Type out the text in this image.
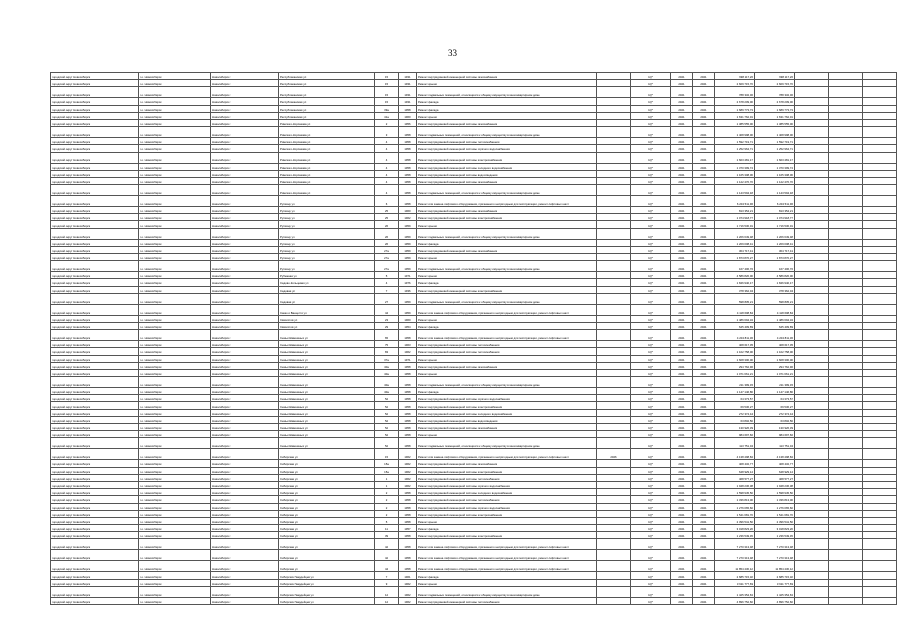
33
городской округ Новосибирск	г.о. Новосибирск	Новосибирск г	Республиканская ул	15	1931	Ремонт внутридомовой инженерной системы газоснабжения		1Q*	2021	2021	698 117,20	698 117,20			
городской округ Новосибирск	г.о. Новосибирск	Новосибирск г	Республиканская ул	15	1931	Ремонт крыши		1Q*	2021	2021	2 609 715,70	2 609 715,70			
городской округ Новосибирск	г.о. Новосибирск	Новосибирск г	Республиканская ул	15	1931	Ремонт подвальных помещений, относящихся к общему имуществу в многоквартирном доме		1Q*	2021	2021	788 332,00	788 332,00			
городской округ Новосибирск	г.о. Новосибирск	Новосибирск г	Республиканская ул	15	1931	Ремонт фасада		1Q*	2021	2021	2 678 209,00	2 678 209,00			
городской округ Новосибирск	г.о. Новосибирск	Новосибирск г	Республиканская ул	39а	1958	Ремонт фасада		1Q*	2021	2021	1 689 773,73	1 689 773,73			
городской округ Новосибирск	г.о. Новосибирск	Новосибирск г	Республиканская ул	41а	1960	Ремонт крыши		1Q*	2021	2021	1 631 762,01	1 631 762,01			
городской округ Новосибирск	г.о. Новосибирск	Новосибирск г	Римского-Корсакова ул	2	1956	Ремонт внутридомовой инженерной системы газоснабжения		1Q*	2021	2021	1 385 555,00	1 385 555,00			
городской округ Новосибирск	г.о. Новосибирск	Новосибирск г	Римского-Корсакова ул	3	1958	Ремонт подвальных помещений, относящихся к общему имуществу в многоквартирном доме		1Q*	2021	2021	1 408 998,00	1 408 998,00			
городской округ Новосибирск	г.о. Новосибирск	Новосибирск г	Римского-Корсакова ул	4	1958	Ремонт внутридомовой инженерной системы теплоснабжения		1Q*	2021	2021	1 592 719,71	1 592 719,71			
городской округ Новосибирск	г.о. Новосибирск	Новосибирск г	Римского-Корсакова ул	4	1958	Ремонт внутридомовой инженерной системы горячего водоснабжения		1Q*	2021	2021	1 252 964,71	1 252 964,71			
городской округ Новосибирск	г.о. Новосибирск	Новосибирск г	Римского-Корсакова ул	4	1958	Ремонт внутридомовой инженерной системы электроснабжения		1Q*	2021	2021	1 603 481,17	1 603 481,17			
городской округ Новосибирск	г.о. Новосибирск	Новосибирск г	Римского-Корсакова ул	4	1958	Ремонт внутридомовой инженерной системы холодного водоснабжения		1Q*	2021	2021	1 370 399,74	1 370 399,74			
городской округ Новосибирск	г.о. Новосибирск	Новосибирск г	Римского-Корсакова ул	4	1958	Ремонт внутридомовой инженерной системы водоотведения		1Q*	2021	2021	1 165 308,06	1 165 308,06			
городской округ Новосибирск	г.о. Новосибирск	Новосибирск г	Римского-Корсакова ул	4	1958	Ремонт внутридомовой инженерной системы газоснабжения		1Q*	2021	2021	1 122 470,70	1 122 470,70			
городской округ Новосибирск	г.о. Новосибирск	Новосибирск г	Римского-Корсакова ул	4	1958	Ремонт подвальных помещений, относящихся к общему имуществу в многоквартирном доме		1Q*	2021	2021	1 143 594,18	1 143 594,18			
городской округ Новосибирск	г.о. Новосибирск	Новосибирск г	Рупияну ул	6	1958	Ремонт или замена лифтового оборудования, признанного непригодным для эксплуатации, ремонт лифтовых шахт		1Q*	2021	2021	6 204 511,96	6 204 511,96			
городской округ Новосибирск	г.о. Новосибирск	Новосибирск г	Рупияну ул	25	1960	Ремонт внутридомовой инженерной системы газоснабжения		1Q*	2021	2021	813 354,21	813 354,21			
городской округ Новосибирск	г.о. Новосибирск	Новосибирск г	Рупияну ул	25	1962	Ремонт внутридомовой инженерной системы электроснабжения		1Q*	2021	2021	1 074 918,77	1 074 918,77			
городской округ Новосибирск	г.о. Новосибирск	Новосибирск г	Рупияну ул	26	1959	Ремонт крыши		1Q*	2021	2021	1 716 530,01	1 716 530,01			
городской округ Новосибирск	г.о. Новосибирск	Новосибирск г	Рупияну ул	26	1959	Ремонт подвальных помещений, относящихся к общему имуществу в многоквартирном доме		1Q*	2021	2021	1 206 649,48	1 206 649,48			
городской округ Новосибирск	г.о. Новосибирск	Новосибирск г	Рупияну ул	26	1959	Ремонт фасада		1Q*	2021	2021	1 209 008,41	1 209 008,41			
городской округ Новосибирск	г.о. Новосибирск	Новосибирск г	Рупияну ул	27а	1959	Ремонт внутридомовой инженерной системы газоснабжения		1Q*	2021	2021	304 717,41	304 717,41			
городской округ Новосибирск	г.о. Новосибирск	Новосибирск г	Рупияну ул	27а	1959	Ремонт крыши		1Q*	2021	2021	1 873 870,27	1 873 870,27			
городской округ Новосибирск	г.о. Новосибирск	Новосибирск г	Рупияну ул	27а	1959	Ремонт подвальных помещений, относящихся к общему имуществу в многоквартирном доме		1Q*	2021	2021	167 406,70	167 406,70			
городской округ Новосибирск	г.о. Новосибирск	Новосибирск г	Рубежная ул	5	1971	Ремонт крыши		1Q*	2021	2021	4 586 820,00	4 586 820,00			
городской округ Новосибирск	г.о. Новосибирск	Новосибирск г	Садово-Кольцевая ул	4	1976	Ремонт фасада		1Q*	2021	2021	1 846 940,17	1 846 940,17			
городской округ Новосибирск	г.о. Новосибирск	Новосибирск г	Садовая ул	7	1936	Ремонт внутридомовой инженерной системы электроснабжения		1Q*	2021	2021	378 362,04	378 362,04			
городской округ Новосибирск	г.о. Новосибирск	Новосибирск г	Садовая ул	27	1959	Ремонт подвальных помещений, относящихся к общему имуществу в многоквартирном доме		1Q*	2021	2021	598 835,21	598 835,21			
городской округ Новосибирск	г.о. Новосибирск	Новосибирск г	Сакко и Ванцетти ул	44	1959	Ремонт или замена лифтового оборудования, признанного непригодным для эксплуатации, ремонт лифтовых шахт		1Q*	2021	2021	4 118 608,84	4 118 608,84			
городской округ Новосибирск	г.о. Новосибирск	Новосибирск г	Связистов ул	23	1960	Ремонт крыши		1Q*	2021	2021	1 486 694,34	1 486 694,34			
городской округ Новосибирск	г.о. Новосибирск	Новосибирск г	Связистов ул	29	1954	Ремонт фасада		1Q*	2021	2021	645 409,89	645 409,89			
городской округ Новосибирск	г.о. Новосибирск	Новосибирск г	Семьи Шамшиных ул	65	1958	Ремонт или замена лифтового оборудования, признанного непригодным для эксплуатации, ремонт лифтовых шахт		1Q*	2021	2021	4 204 811,30	4 204 811,30			
городской округ Новосибирск	г.о. Новосибирск	Новосибирск г	Семьи Шамшиных ул	75	1963	Ремонт внутридомовой инженерной системы теплоснабжения		1Q*	2021	2021	408 617,05	408 617,05			
городской округ Новосибирск	г.о. Новосибирск	Новосибирск г	Семьи Шамшиных ул	83	1962	Ремонт внутридомовой инженерной системы теплоснабжения		1Q*	2021	2021	1 102 758,00	1 102 758,00			
городской округ Новосибирск	г.о. Новосибирск	Новосибирск г	Семьи Шамшиных ул	37а	1971	Ремонт крыши		1Q*	2021	2021	1 608 300,00	1 608 300,00			
городской округ Новосибирск	г.о. Новосибирск	Новосибирск г	Семьи Шамшиных ул	40а	1958	Ремонт внутридомовой инженерной системы газоснабжения		1Q*	2021	2021	294 762,90	294 762,90			
городской округ Новосибирск	г.о. Новосибирск	Новосибирск г	Семьи Шамшиных ул	40а	1958	Ремонт крыши		1Q*	2021	2021	1 071 661,21	1 071 661,21			
городской округ Новосибирск	г.о. Новосибирск	Новосибирск г	Семьи Шамшиных ул	40а	1958	Ремонт подвальных помещений, относящихся к общему имуществу в многоквартирном доме		1Q*	2021	2021	211 399,45	211 399,45			
городской округ Новосибирск	г.о. Новосибирск	Новосибирск г	Семьи Шамшиных ул	40а	1958	Ремонт фасада		1Q*	2021	2021	1 147 146,86	1 147 146,86			
городской округ Новосибирск	г.о. Новосибирск	Новосибирск г	Семьи Шамшиных ул	52	1958	Ремонт внутридомовой инженерной системы горячего водоснабжения		1Q*	2021	2021	64 373,57	64 373,57			
городской округ Новосибирск	г.о. Новосибирск	Новосибирск г	Семьи Шамшиных ул	52	1958	Ремонт внутридомовой инженерной системы электроснабжения		1Q*	2021	2021	69 536,27	69 536,27			
городской округ Новосибирск	г.о. Новосибирск	Новосибирск г	Семьи Шамшиных ул	52	1958	Ремонт внутридомовой инженерной системы холодного водоснабжения		1Q*	2021	2021	272 374,44	272 374,44			
городской округ Новосибирск	г.о. Новосибирск	Новосибирск г	Семьи Шамшиных ул	52	1958	Ремонт внутридомовой инженерной системы водоотведения		1Q*	2021	2021	63 802,56	63 802,56			
городской округ Новосибирск	г.о. Новосибирск	Новосибирск г	Семьи Шамшиных ул	52	1958	Ремонт внутридомовой инженерной системы газоснабжения		1Q*	2021	2021	130 926,39	130 926,39			
городской округ Новосибирск	г.о. Новосибирск	Новосибирск г	Семьи Шамшиных ул	52	1958	Ремонт крыши		1Q*	2021	2021	984 697,60	984 697,60			
городской округ Новосибирск	г.о. Новосибирск	Новосибирск г	Семьи Шамшиных ул	52	1958	Ремонт подвальных помещений, относящихся к общему имуществу в многоквартирном доме		1Q*	2021	2021	113 751,04	113 751,04			
городской округ Новосибирск	г.о. Новосибирск	Новосибирск г	Сибирская ул	15	1962	Ремонт или замена лифтового оборудования, признанного непригодным для эксплуатации, ремонт лифтовых шахт	2026	1Q*	2021	2021	4 138 498,84	4 138 498,84			
городской округ Новосибирск	г.о. Новосибирск	Новосибирск г	Сибирская ул	15а	1962	Ремонт внутридомовой инженерной системы газоснабжения		1Q*	2021	2021	408 432,77	408 432,77			
городской округ Новосибирск	г.о. Новосибирск	Новосибирск г	Сибирская ул	15а	1962	Ремонт внутридомовой инженерной системы электроснабжения		1Q*	2021	2021	648 929,12	648 929,12			
городской округ Новосибирск	г.о. Новосибирск	Новосибирск г	Сибирская ул	1	1962	Ремонт внутридомовой инженерной системы теплоснабжения		1Q*	2021	2021	468 577,27	468 577,27			
городской округ Новосибирск	г.о. Новосибирск	Новосибирск г	Сибирская ул	1	1962	Ремонт внутридомовой инженерной системы горячего водоснабжения		1Q*	2021	2021	1 948 236,38	1 948 236,38			
городской округ Новосибирск	г.о. Новосибирск	Новосибирск г	Сибирская ул	2	1958	Ремонт внутридомовой инженерной системы холодного водоснабжения		1Q*	2021	2021	1 598 945,50	1 598 945,50			
городской округ Новосибирск	г.о. Новосибирск	Новосибирск г	Сибирская ул	2	1958	Ремонт внутридомовой инженерной системы теплоснабжения		1Q*	2021	2021	1 336 813,00	1 336 813,00			
городской округ Новосибирск	г.о. Новосибирск	Новосибирск г	Сибирская ул	2	1958	Ремонт внутридомовой инженерной системы горячего водоснабжения		1Q*	2021	2021	1 276 065,60	1 276 065,60			
городской округ Новосибирск	г.о. Новосибирск	Новосибирск г	Сибирская ул	2	1958	Ремонт внутридомовой инженерной системы электроснабжения		1Q*	2021	2021	1 541 681,70	1 541 681,70			
городской округ Новосибирск	г.о. Новосибирск	Новосибирск г	Сибирская ул	5	1958	Ремонт крыши		1Q*	2021	2021	2 396 541,50	2 396 541,50			
городской округ Новосибирск	г.о. Новосибирск	Новосибирск г	Сибирская ул	11	1957	Ремонт фасада		1Q*	2021	2021	3 018 823,20	3 018 823,20			
городской округ Новосибирск	г.о. Новосибирск	Новосибирск г	Сибирская ул	39	1958	Ремонт внутридомовой инженерной системы электроснабжения		1Q*	2021	2021	1 236 549,45	1 236 549,45			
городской округ Новосибирск	г.о. Новосибирск	Новосибирск г	Сибирская ул	42	1958	Ремонт или замена лифтового оборудования, признанного непригодным для эксплуатации, ремонт лифтовых шахт		1Q*	2021	2021	7 270 313,48	7 270 313,48			
городской округ Новосибирск	г.о. Новосибирск	Новосибирск г	Сибирская ул	42	1958	Ремонт или замена лифтового оборудования, признанного непригодным для эксплуатации, ремонт лифтовых шахт		1Q*	2021	2021	7 270 313,48	7 270 313,48			
городской округ Новосибирск	г.о. Новосибирск	Новосибирск г	Сибирская ул	44	1958	Ремонт или замена лифтового оборудования, признанного непригодным для эксплуатации, ремонт лифтовых шахт		1Q*	2021	2021	11 854 430,12	11 854 430,12			
городской округ Новосибирск	г.о. Новосибирск	Новосибирск г	Сибирских Гвардейцев ул	7	1961	Ремонт фасада		1Q*	2021	2021	2 685 715,32	2 685 715,32			
городской округ Новосибирск	г.о. Новосибирск	Новосибирск г	Сибирских Гвардейцев ул	9	1962	Ремонт крыши		1Q*	2021	2021	3 611 777,69	3 611 777,69			
городской округ Новосибирск	г.о. Новосибирск	Новосибирск г	Сибирских Гвардейцев ул	12	1962	Ремонт подвальных помещений, относящихся к общему имуществу в многоквартирном доме		1Q*	2021	2021	1 425 354,63	1 425 354,63			
городской округ Новосибирск	г.о. Новосибирск	Новосибирск г	Сибирских Гвардейцев ул	12	1962	Ремонт внутридомовой инженерной системы теплоснабжения		1Q*	2021	2021	4 896 752,60	4 896 752,60			
